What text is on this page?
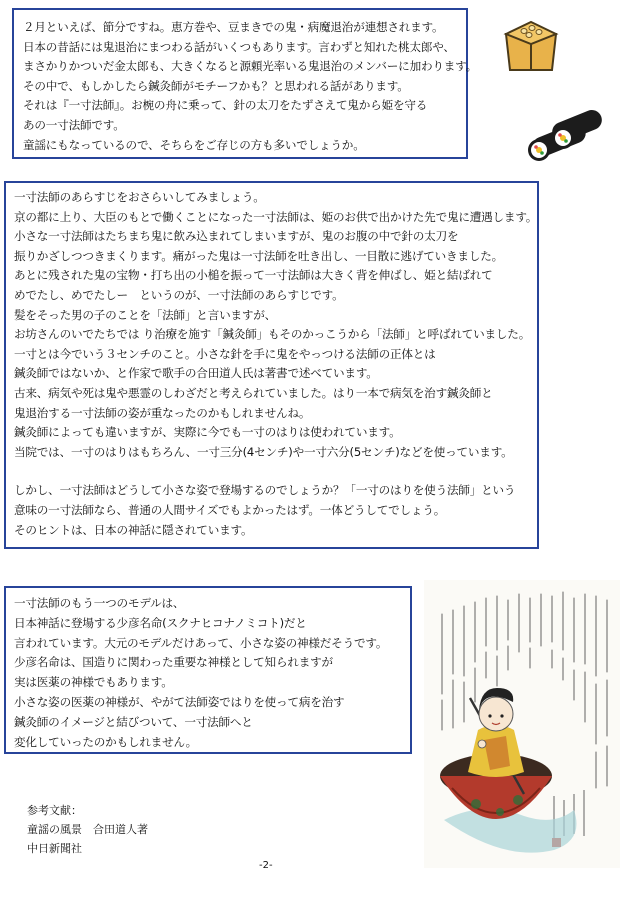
２月といえば、節分ですね。恵方巻や、豆まきでの鬼・病魔退治が連想されます。
日本の昔話には鬼退治にまつわる話がいくつもあります。言わずと知れた桃太郎や、
まさかりかついだ金太郎も、大きくなると源頼光率いる鬼退治のメンバーに加わります。
その中で、もしかしたら鍼灸師がモチーフかも？と思われる話があります。
それは『一寸法師』。お椀の舟に乗って、針の太刀をたずさえて鬼から姫を守る
あの一寸法師です。
童謡にもなっているので、そちらをご存じの方も多いでしょうか。
一寸法師のあらすじをおさらいしてみましょう。
京の都に上り、大臣のもとで働くことになった一寸法師は、姫のお供で出かけた先で鬼に遭遇します。
小さな一寸法師はたちまち鬼に飲み込まれてしまいますが、鬼のお腹の中で針の太刀を
振りかざしつつきまくります。痛がった鬼は一寸法師を吐き出し、一目散に逃げていきました。
あとに残された鬼の宝物・打ち出の小槌を振って一寸法師は大きく背を伸ばし、姫と結ばれて
めでたし、めでたしー　というのが、一寸法師のあらすじです。
髪をそった男の子のことを「法師」と言いますが、
お坊さんのいでたちでは り治療を施す「鍼灸師」もそのかっこうから「法師」と呼ばれていました。
一寸とは今でいう３センチのこと。小さな針を手に鬼をやっつける法師の正体とは
鍼灸師ではないか、と作家で歌手の合田道人氏は著書で述べています。
古来、病気や死は鬼や悪霊のしわざだと考えられていました。はり一本で病気を治す鍼灸師と
鬼退治する一寸法師の姿が重なったのかもしれませんね。
鍼灸師によっても違いますが、実際に今でも一寸のはりは使われています。
当院では、一寸のはりはもちろん、一寸三分(4センチ)や一寸六分(5センチ)などを使っています。
しかし、一寸法師はどうして小さな姿で登場するのでしょうか？「一寸のはりを使う法師」という
意味の一寸法師なら、普通の人間サイズでもよかったはず。一体どうしてでしょう。
そのヒントは、日本の神話に隠されています。
一寸法師のもう一つのモデルは、
日本神話に登場する少彦名命(スクナヒコナノミコト)だと
言われています。大元のモデルだけあって、小さな姿の神様だそうです。
少彦名命は、国造りに関わった重要な神様として知られますが
実は医薬の神様でもあります。
小さな姿の医薬の神様が、やがて法師姿ではりを使って病を治す
鍼灸師のイメージと結びついて、一寸法師へと
変化していったのかもしれません。
参考文献：
童謡の風景　合田道人著
中日新聞社
-2-
